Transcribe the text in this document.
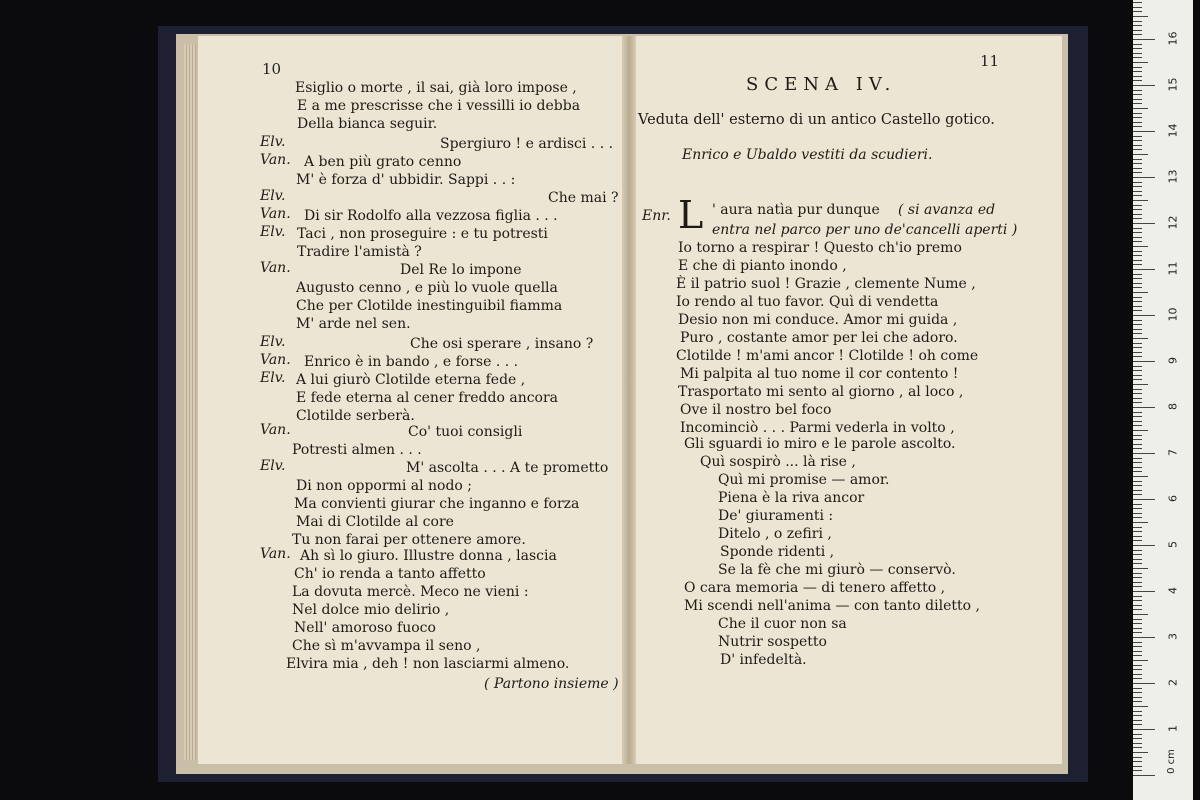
10
Esiglio o morte , il sai, già loro impose ,
E a me prescrisse che i vessilli io debba
Della bianca seguir.
Elv.	Spergiuro ! e ardisci . . .
Van. A ben più grato cenno
M' è forza d' ubbidir. Sappi . . :
Elv.	Che mai ?
Van. Di sir Rodolfo alla vezzosa figlia . . .
Elv. Taci , non proseguire : e tu potresti
Tradire l'amistà ?
Van.	Del Re lo impone
Augusto cenno , e più lo vuole quella
Che per Clotilde inestinguibil fiamma
M' arde nel sen.
Elv.	Che osi sperare , insano ?
Van. Enrico è in bando , e forse . . .
Elv. A lui giurò Clotilde eterna fede ,
E fede eterna al cener freddo ancora
Clotilde serberà.
Van.	Co' tuoi consigli
Potresti almen . . .
Elv.	M' ascolta . . . A te prometto
Di non oppormi al nodo ;
Ma convienti giurar che inganno e forza
Mai di Clotilde al core
Tu non farai per ottenere amore.
Van. Ah sì lo giuro. Illustre donna , lascia
Ch' io renda a tanto affetto
La dovuta mercè. Meco ne vieni :
Nel dolce mio delirio ,
Nell' amoroso fuoco
Che sì m'avvampa il seno ,
Elvira mia , deh ! non lasciarmi almeno.
( Partono insieme )
11
SCENA IV.
Veduta dell' esterno di un antico Castello gotico.
Enrico e Ubaldo vestiti da scudieri.
Enr. L ' aura natìa pur dunque ( si avanza ed
entra nel parco per uno de'cancelli aperti )
Io torno a respirar ! Questo ch'io premo
E che di pianto inondo ,
È il patrio suol ! Grazie , clemente Nume ,
Io rendo al tuo favor. Quì di vendetta
Desio non mi conduce. Amor mi guida ,
Puro , costante amor per lei che adoro.
Clotilde ! m'ami ancor ! Clotilde ! oh come
Mi palpita al tuo nome il cor contento !
Trasportato mi sento al giorno , al loco ,
Ove il nostro bel foco
Incominciò . . . Parmi vederla in volto ,
Gli sguardi io miro e le parole ascolto.
Quì sospirò ... là rise ,
Quì mi promise — amor.
Piena è la riva ancor
De' giuramenti :
Ditelo , o zefiri ,
Sponde ridenti ,
Se la fè che mi giurò — conservò.
O cara memoria — di tenero affetto ,
Mi scendi nell'anima — con tanto diletto ,
Che il cuor non sa
Nutrir sospetto
D' infedeltà.
1
2
3
4
5
6
7
8
9
10
11
12
13
14
15
16
0 cm
